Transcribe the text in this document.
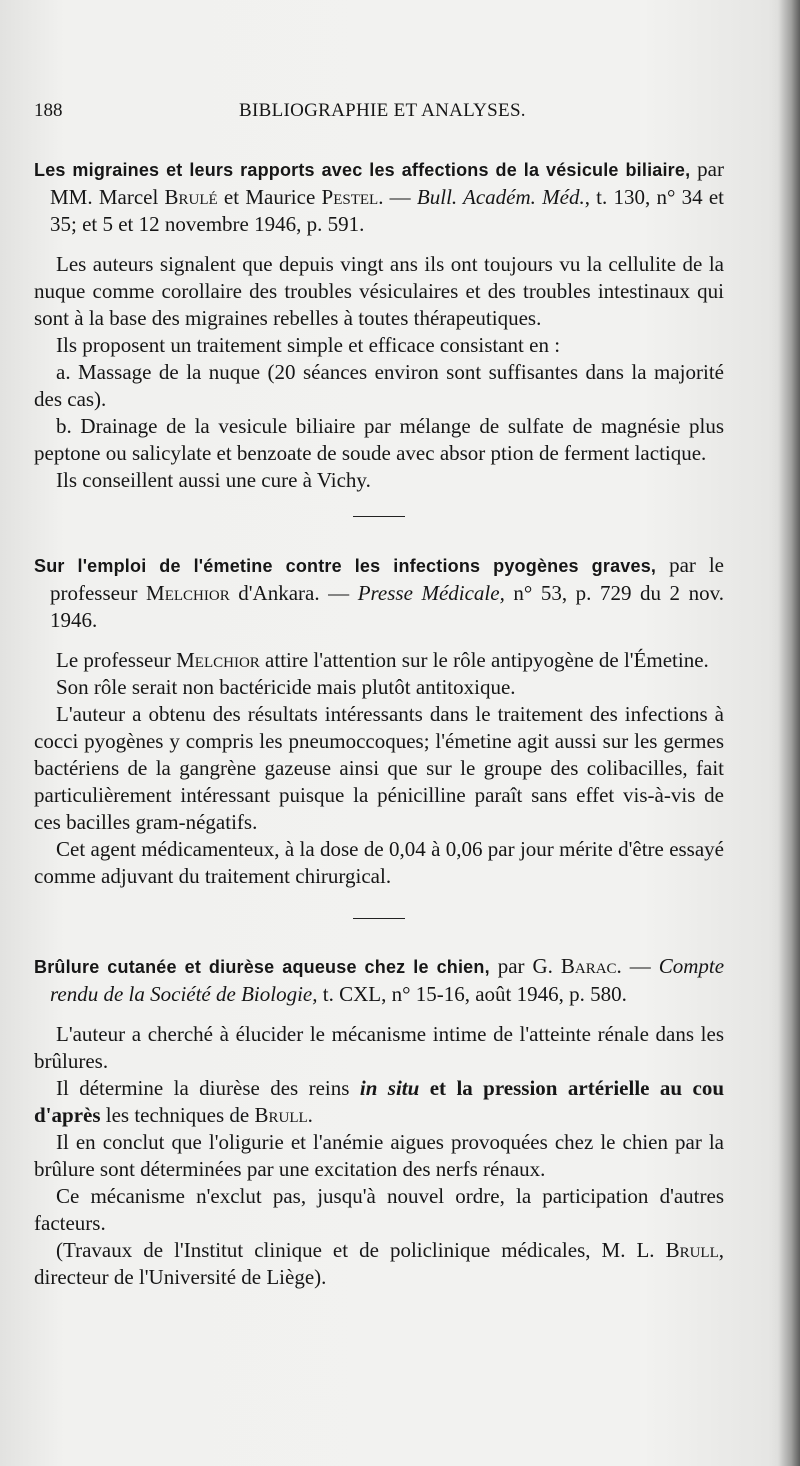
188	BIBLIOGRAPHIE ET ANALYSES.

Les migraines et leurs rapports avec les affections de la vésicule biliaire, par MM. Marcel Brulé et Maurice Pestel. — Bull. Académ. Méd., t. 130, n° 34 et 35; et 5 et 12 novembre 1946, p. 591.

Les auteurs signalent que depuis vingt ans ils ont toujours vu la cellulite de la nuque comme corollaire des troubles vésiculaires et des troubles intestinaux qui sont à la base des migraines rebelles à toutes thérapeutiques.

Ils proposent un traitement simple et efficace consistant en :

a. Massage de la nuque (20 séances environ sont suffisantes dans la majorité des cas).

b. Drainage de la vesicule biliaire par mélange de sulfate de magnésie plus peptone ou salicylate et benzoate de soude avec absor ption de ferment lactique.

Ils conseillent aussi une cure à Vichy.

Sur l'emploi de l'émetine contre les infections pyogènes graves, par le professeur Melchior d'Ankara. — Presse Médicale, n° 53, p. 729 du 2 nov. 1946.

Le professeur Melchior attire l'attention sur le rôle antipyogène de l'Émetine.

Son rôle serait non bactéricide mais plutôt antitoxique.

L'auteur a obtenu des résultats intéressants dans le traitement des infections à cocci pyogènes y compris les pneumoccoques; l'émetine agit aussi sur les germes bactériens de la gangrène gazeuse ainsi que sur le groupe des colibacilles, fait particulièrement intéressant puisque la pénicilline paraît sans effet vis-à-vis de ces bacilles gram-négatifs.

Cet agent médicamenteux, à la dose de 0,04 à 0,06 par jour mérite d'être essayé comme adjuvant du traitement chirurgical.

Brûlure cutanée et diurèse aqueuse chez le chien, par G. Barac. — Compte rendu de la Société de Biologie, t. CXL, n° 15-16, août 1946, p. 580.

L'auteur a cherché à élucider le mécanisme intime de l'atteinte rénale dans les brûlures.

Il détermine la diurèse des reins in situ et la pression artérielle au cou d'après les techniques de Brull.

Il en conclut que l'oligurie et l'anémie aigues provoquées chez le chien par la brûlure sont déterminées par une excitation des nerfs rénaux.

Ce mécanisme n'exclut pas, jusqu'à nouvel ordre, la participation d'autres facteurs.

(Travaux de l'Institut clinique et de policlinique médicales, M. L. Brull, directeur de l'Université de Liège).
